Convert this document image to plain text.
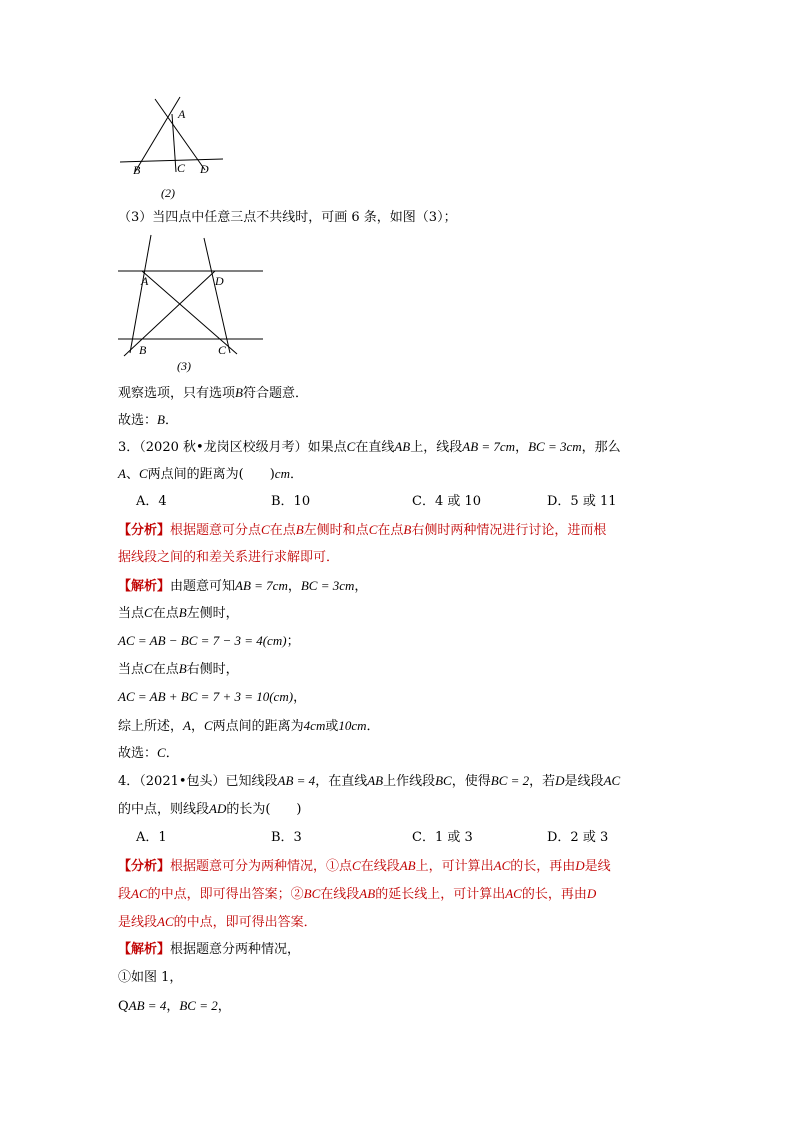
A
B	C D
(2)
（3）当四点中任意三点不共线时，可画 6 条，如图（3）；
A
B	C
D
(3)
观察选项，只有选项B符合题意．
故选：B．
3．（2020 秋•龙岗区校级月考）如果点C在直线AB上，线段AB = 7cm，BC = 3cm，那么
A、C两点间的距离为(　　)cm．
A．4	B．10	C．4 或 10	D．5 或 11
【分析】根据题意可分点C在点B左侧时和点C在点B右侧时两种情况进行讨论，进而根
据线段之间的和差关系进行求解即可．
【解析】由题意可知AB = 7cm，BC = 3cm，
当点C在点B左侧时，
AC = AB − BC = 7 − 3 = 4(cm)；
当点C在点B右侧时，
AC = AB + BC = 7 + 3 = 10(cm)，
综上所述，A，C两点间的距离为4cm或10cm．
故选：C．
4．（2021•包头）已知线段AB = 4，在直线AB上作线段BC，使得BC = 2，若D是线段AC
的中点，则线段AD的长为(　　)
A．1	B．3	C．1 或 3	D．2 或 3
【分析】根据题意可分为两种情况，①点C在线段AB上，可计算出AC的长，再由D是线
段AC的中点，即可得出答案；②BC在线段AB的延长线上，可计算出AC的长，再由D
是线段AC的中点，即可得出答案．
【解析】根据题意分两种情况，
①如图 1，
QAB = 4，BC = 2，
